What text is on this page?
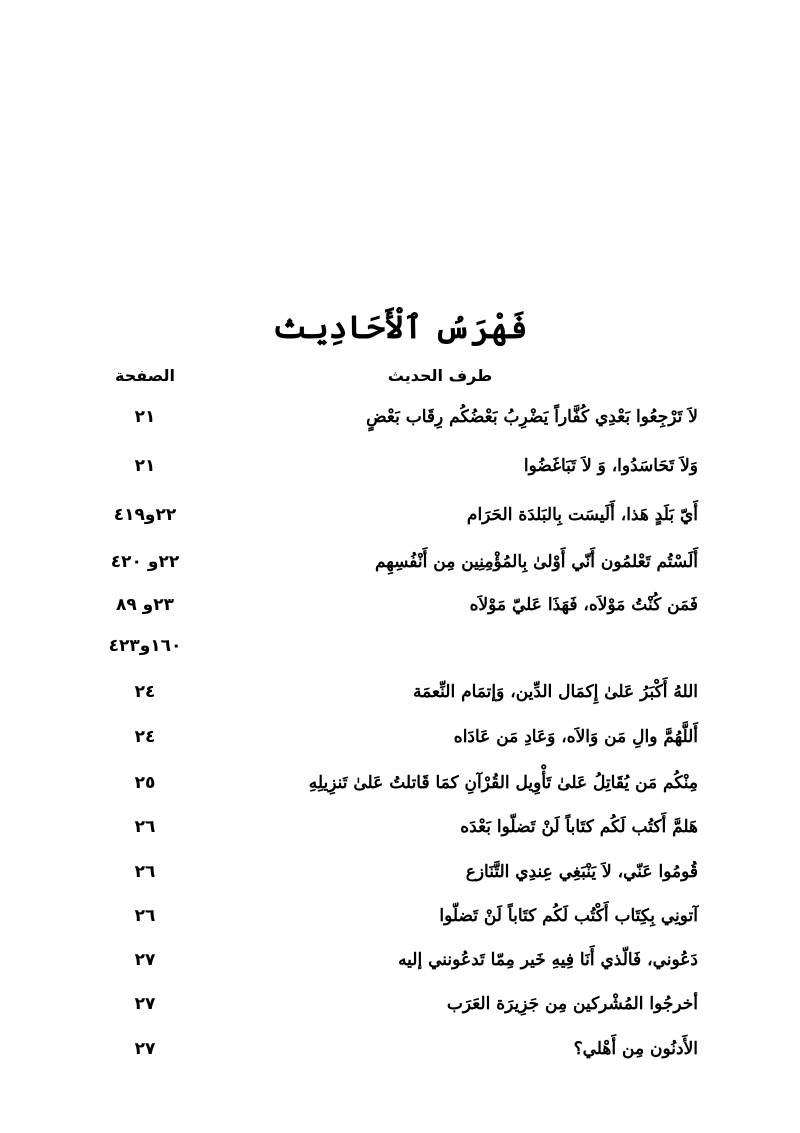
فَهْرَسُ ٱلْأَحَادِيث
طرف الحديث
الصفحة
لاَ تَرْجِعُوا بَعْدِي كُفَّاراً يَضْرِبُ بَعْضُكُم رِقَاب بَعْضٍ
٢١
وَلاَ تَحَاسَدُوا، وَ لاَ تَبَاغَضُوا
٢١
أَيّ بَلَدٍ هَذا، أَلَيسَت بِالبَلدَة الحَرَام
٢٢و٤١٩
أَلَسْتُم تَعْلمُون أَنّي أَوْلىٰ بِالمُؤْمِنِين مِن أَنْفُسِهِم
٢٢و ٤٢٠
فَمَن كُنْتُ مَوْلاَه، فَهَذَا عَليّ مَوْلاَه
٢٣و ٨٩
١٦٠و٤٢٣
اللهُ أَكْبَرُ عَلىٰ إِكمَال الدِّين، وَإتمَام النِّعمَة
٢٤
أَللَّهُمَّ والِ مَن وَالاَه، وَعَادِ مَن عَادَاه
٢٤
مِنْكُم مَن يُقَاتِلُ عَلىٰ تَأْوِيل القُرْآنِ كمَا قَاتلتُ عَلىٰ تَنزِيلِهِ
٢٥
هَلمَّ أَكتُب لَكُم كتَاباً لَنْ تَضلّوا بَعْدَه
٢٦
قُومُوا عَنّي، لاَ يَنْبَغِي عِندِي التَّنَازع
٢٦
آتونِي بِكِتَاب أَكْتُب لَكُم كتَاباً لَنْ تَضلّوا
٢٦
دَعُوني، فَالّذي أَنَا فِيهِ خَير مِمّا تَدعُونني إليه
٢٧
أخرجُوا المُشْركين مِن جَزِيرَة العَرَب
٢٧
الأَدنُون مِن أَهْلي؟
٢٧
